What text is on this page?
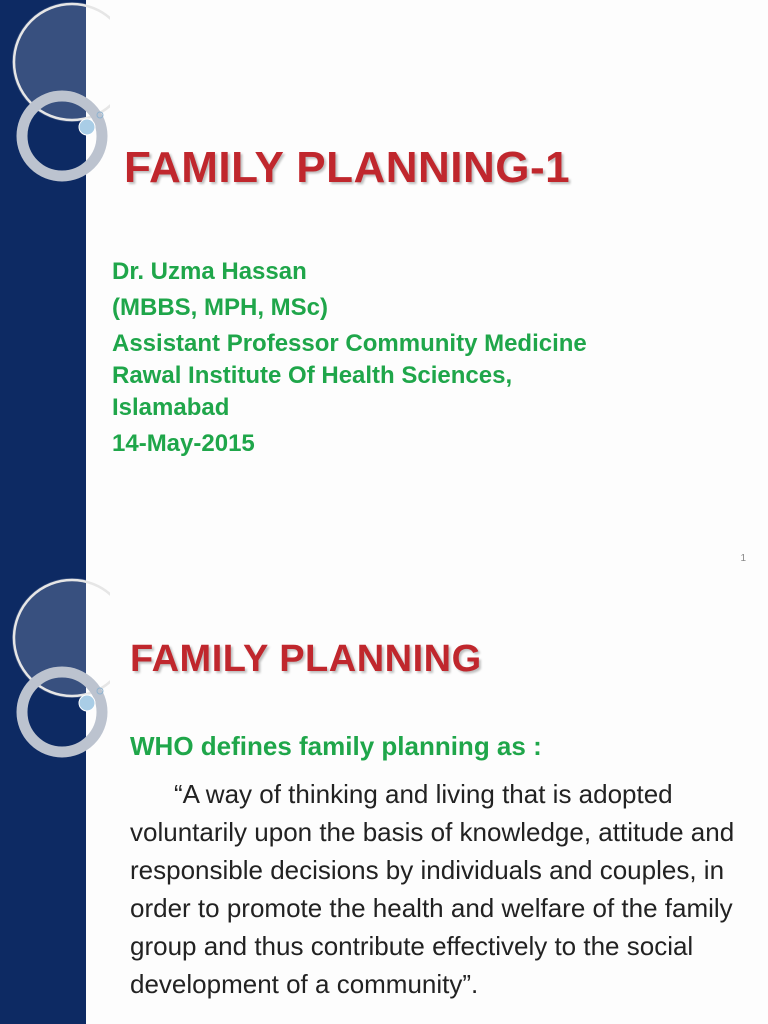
FAMILY PLANNING-1
Dr. Uzma Hassan
(MBBS, MPH, MSc)
Assistant Professor Community Medicine
Rawal Institute Of Health Sciences,
Islamabad
14-May-2015
1
FAMILY PLANNING
WHO defines family planning as :

“A way of thinking and living that is adopted voluntarily upon the basis of knowledge, attitude and responsible decisions by individuals and couples, in order to promote the health and welfare of the family group and thus contribute effectively to the social development of a community”.
